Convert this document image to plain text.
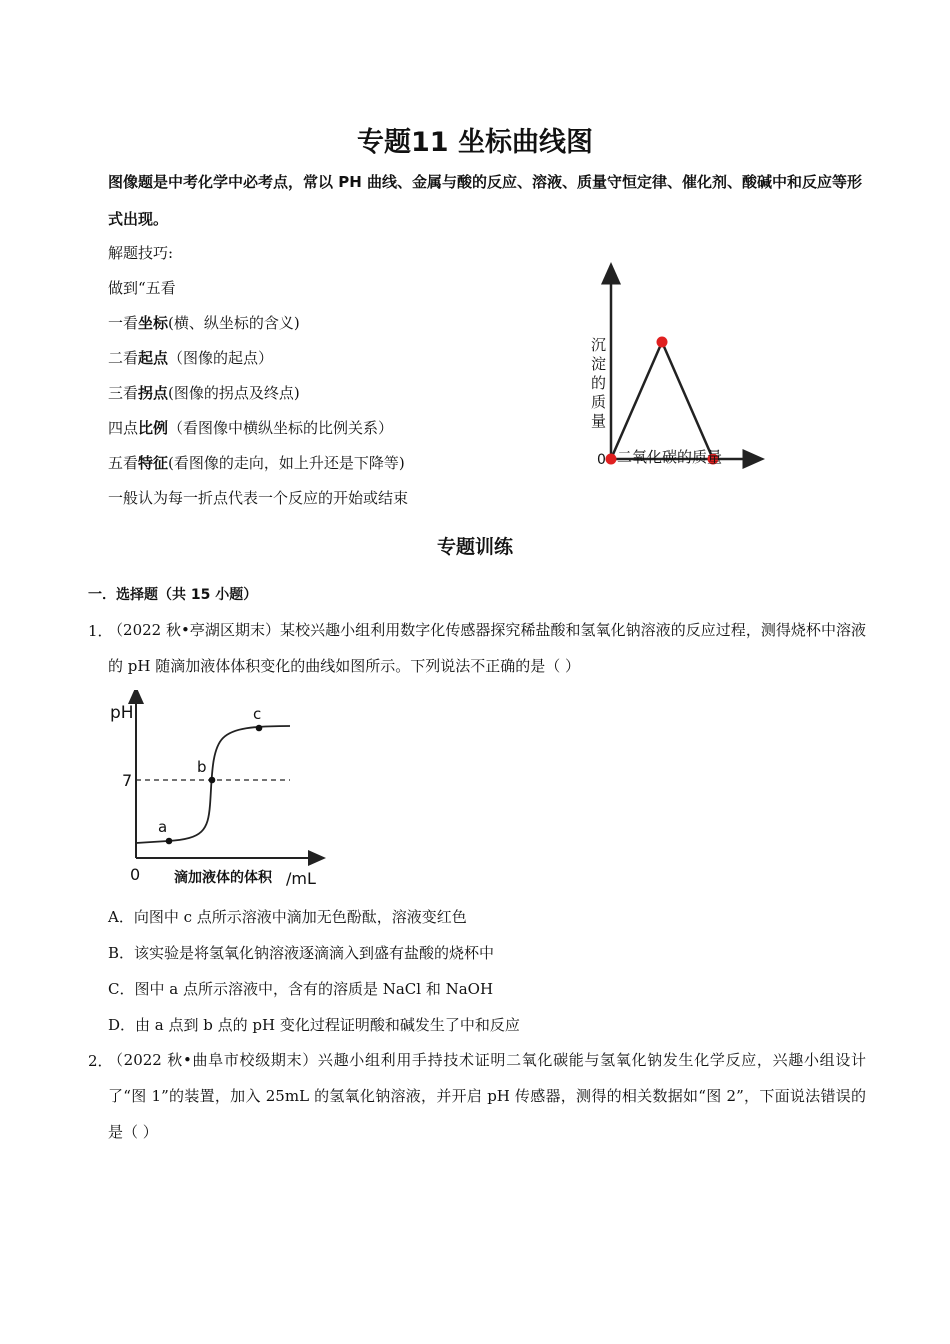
专题11 坐标曲线图
图像题是中考化学中必考点，常以 PH 曲线、金属与酸的反应、溶液、质量守恒定律、催化剂、酸碱中和反应等形式出现。
解题技巧:
做到“五看
一看坐标(横、纵坐标的含义)
二看起点（图像的起点）
三看拐点(图像的拐点及终点)
四点比例（看图像中横纵坐标的比例关系）
五看特征(看图像的走向，如上升还是下降等)
一般认为每一折点代表一个反应的开始或结束
0 二氧化碳的质量
沉淀的质量
专题训练
一．选择题（共 15 小题）
1．
（2022 秋•亭湖区期末）某校兴趣小组利用数字化传感器探究稀盐酸和氢氧化钠溶液的反应过程，测得烧杯中溶液的 pH 随滴加液体体积变化的曲线如图所示。下列说法不正确的是（ ）
pH
7
0
a
b
c
滴加液体的体积 /mL
A．向图中 c 点所示溶液中滴加无色酚酞，溶液变红色
B．该实验是将氢氧化钠溶液逐滴滴入到盛有盐酸的烧杯中
C．图中 a 点所示溶液中，含有的溶质是 NaCl 和 NaOH
D．由 a 点到 b 点的 pH 变化过程证明酸和碱发生了中和反应
2．
（2022 秋•曲阜市校级期末）兴趣小组利用手持技术证明二氧化碳能与氢氧化钠发生化学反应，兴趣小组设计了“图 1”的装置，加入 25mL 的氢氧化钠溶液，并开启 pH 传感器，测得的相关数据如“图 2”，下面说法错误的是（ ）
